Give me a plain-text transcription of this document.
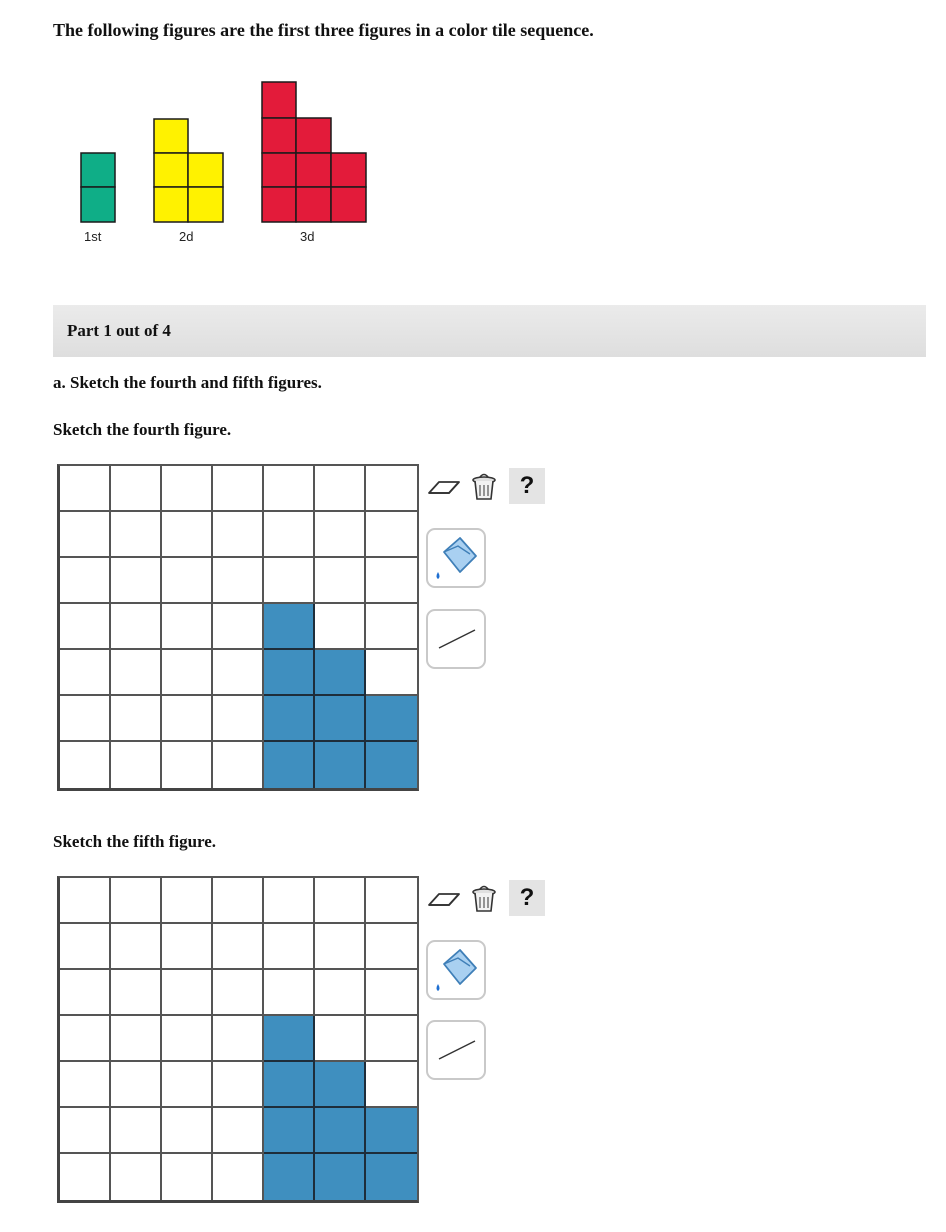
The following figures are the first three figures in a color tile sequence.
1st	2d	3d
Part 1 out of 4
a. Sketch the fourth and fifth figures.
Sketch the fourth figure.
?
Sketch the fifth figure.
?
